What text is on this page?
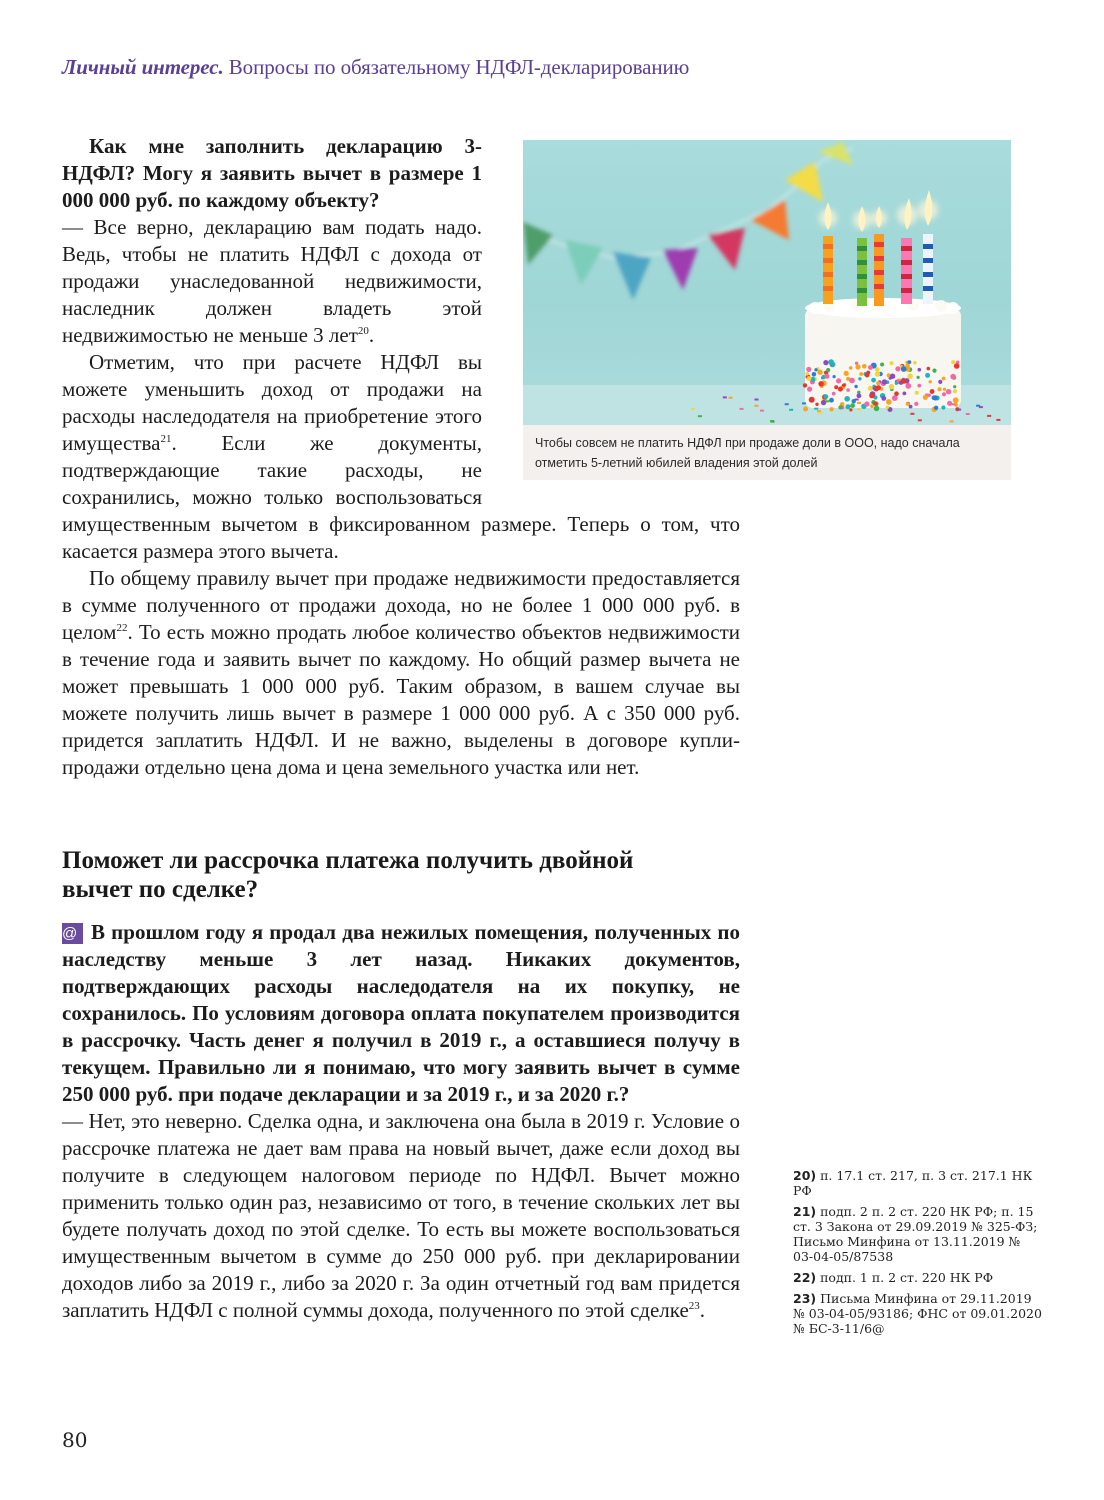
Личный интерес. Вопросы по обязательному НДФЛ-декларированию
Чтобы совсем не платить НДФЛ при продаже доли в ООО, надо сначала отметить 5-летний юбилей владения этой долей

Как мне заполнить декларацию 3-НДФЛ? Могу я заявить вычет в размере 1 000 000 руб. по каждому объекту?

— Все верно, декларацию вам подать надо. Ведь, чтобы не платить НДФЛ с дохода от продажи унаследованной недвижимости, наследник должен владеть этой недвижимостью не меньше 3 лет$^{20}$.

Отметим, что при расчете НДФЛ вы можете уменьшить доход от продажи на расходы наследодателя на приобретение этого имущества$^{21}$. Если же документы, подтверждающие такие расходы, не сохранились, можно только воспользоваться имущественным вычетом в фиксированном размере. Теперь о том, что касается размера этого вычета.

По общему правилу вычет при продаже недвижимости предоставляется в сумме полученного от продажи дохода, но не более 1 000 000 руб. в целом$^{22}$. То есть можно продать любое количество объектов недвижимости в течение года и заявить вычет по каждому. Но общий размер вычета не может превышать 1 000 000 руб. Таким образом, в вашем случае вы можете получить лишь вычет в размере 1 000 000 руб. А с 350 000 руб. придется заплатить НДФЛ. И не важно, выделены в договоре купли-продажи отдельно цена дома и цена земельного участка или нет.

Поможет ли рассрочка платежа получить двойной вычет по сделке?

@ В прошлом году я продал два нежилых помещения, полученных по наследству меньше 3 лет назад. Никаких документов, подтверждающих расходы наследодателя на их покупку, не сохранилось. По условиям договора оплата покупателем производится в рассрочку. Часть денег я получил в 2019 г., а оставшиеся получу в текущем. Правильно ли я понимаю, что могу заявить вычет в сумме 250 000 руб. при подаче декларации и за 2019 г., и за 2020 г.?

— Нет, это неверно. Сделка одна, и заключена она была в 2019 г. Условие о рассрочке платежа не дает вам права на новый вычет, даже если доход вы получите в следующем налоговом периоде по НДФЛ. Вычет можно применить только один раз, независимо от того, в течение скольких лет вы будете получать доход по этой сделке. То есть вы можете воспользоваться имущественным вычетом в сумме до 250 000 руб. при декларировании доходов либо за 2019 г., либо за 2020 г. За один отчетный год вам придется заплатить НДФЛ с полной суммы дохода, полученного по этой сделке$^{23}$.

20) п. 17.1 ст. 217, п. 3 ст. 217.1 НК РФ

21) подп. 2 п. 2 ст. 220 НК РФ; п. 15 ст. 3 Закона от 29.09.2019 № 325-ФЗ; Письмо Минфина от 13.11.2019 № 03-04-05/87538

22) подп. 1 п. 2 ст. 220 НК РФ

23) Письма Минфина от 29.11.2019 № 03-04-05/93186; ФНС от 09.01.2020 № БС-3-11/6@

80
